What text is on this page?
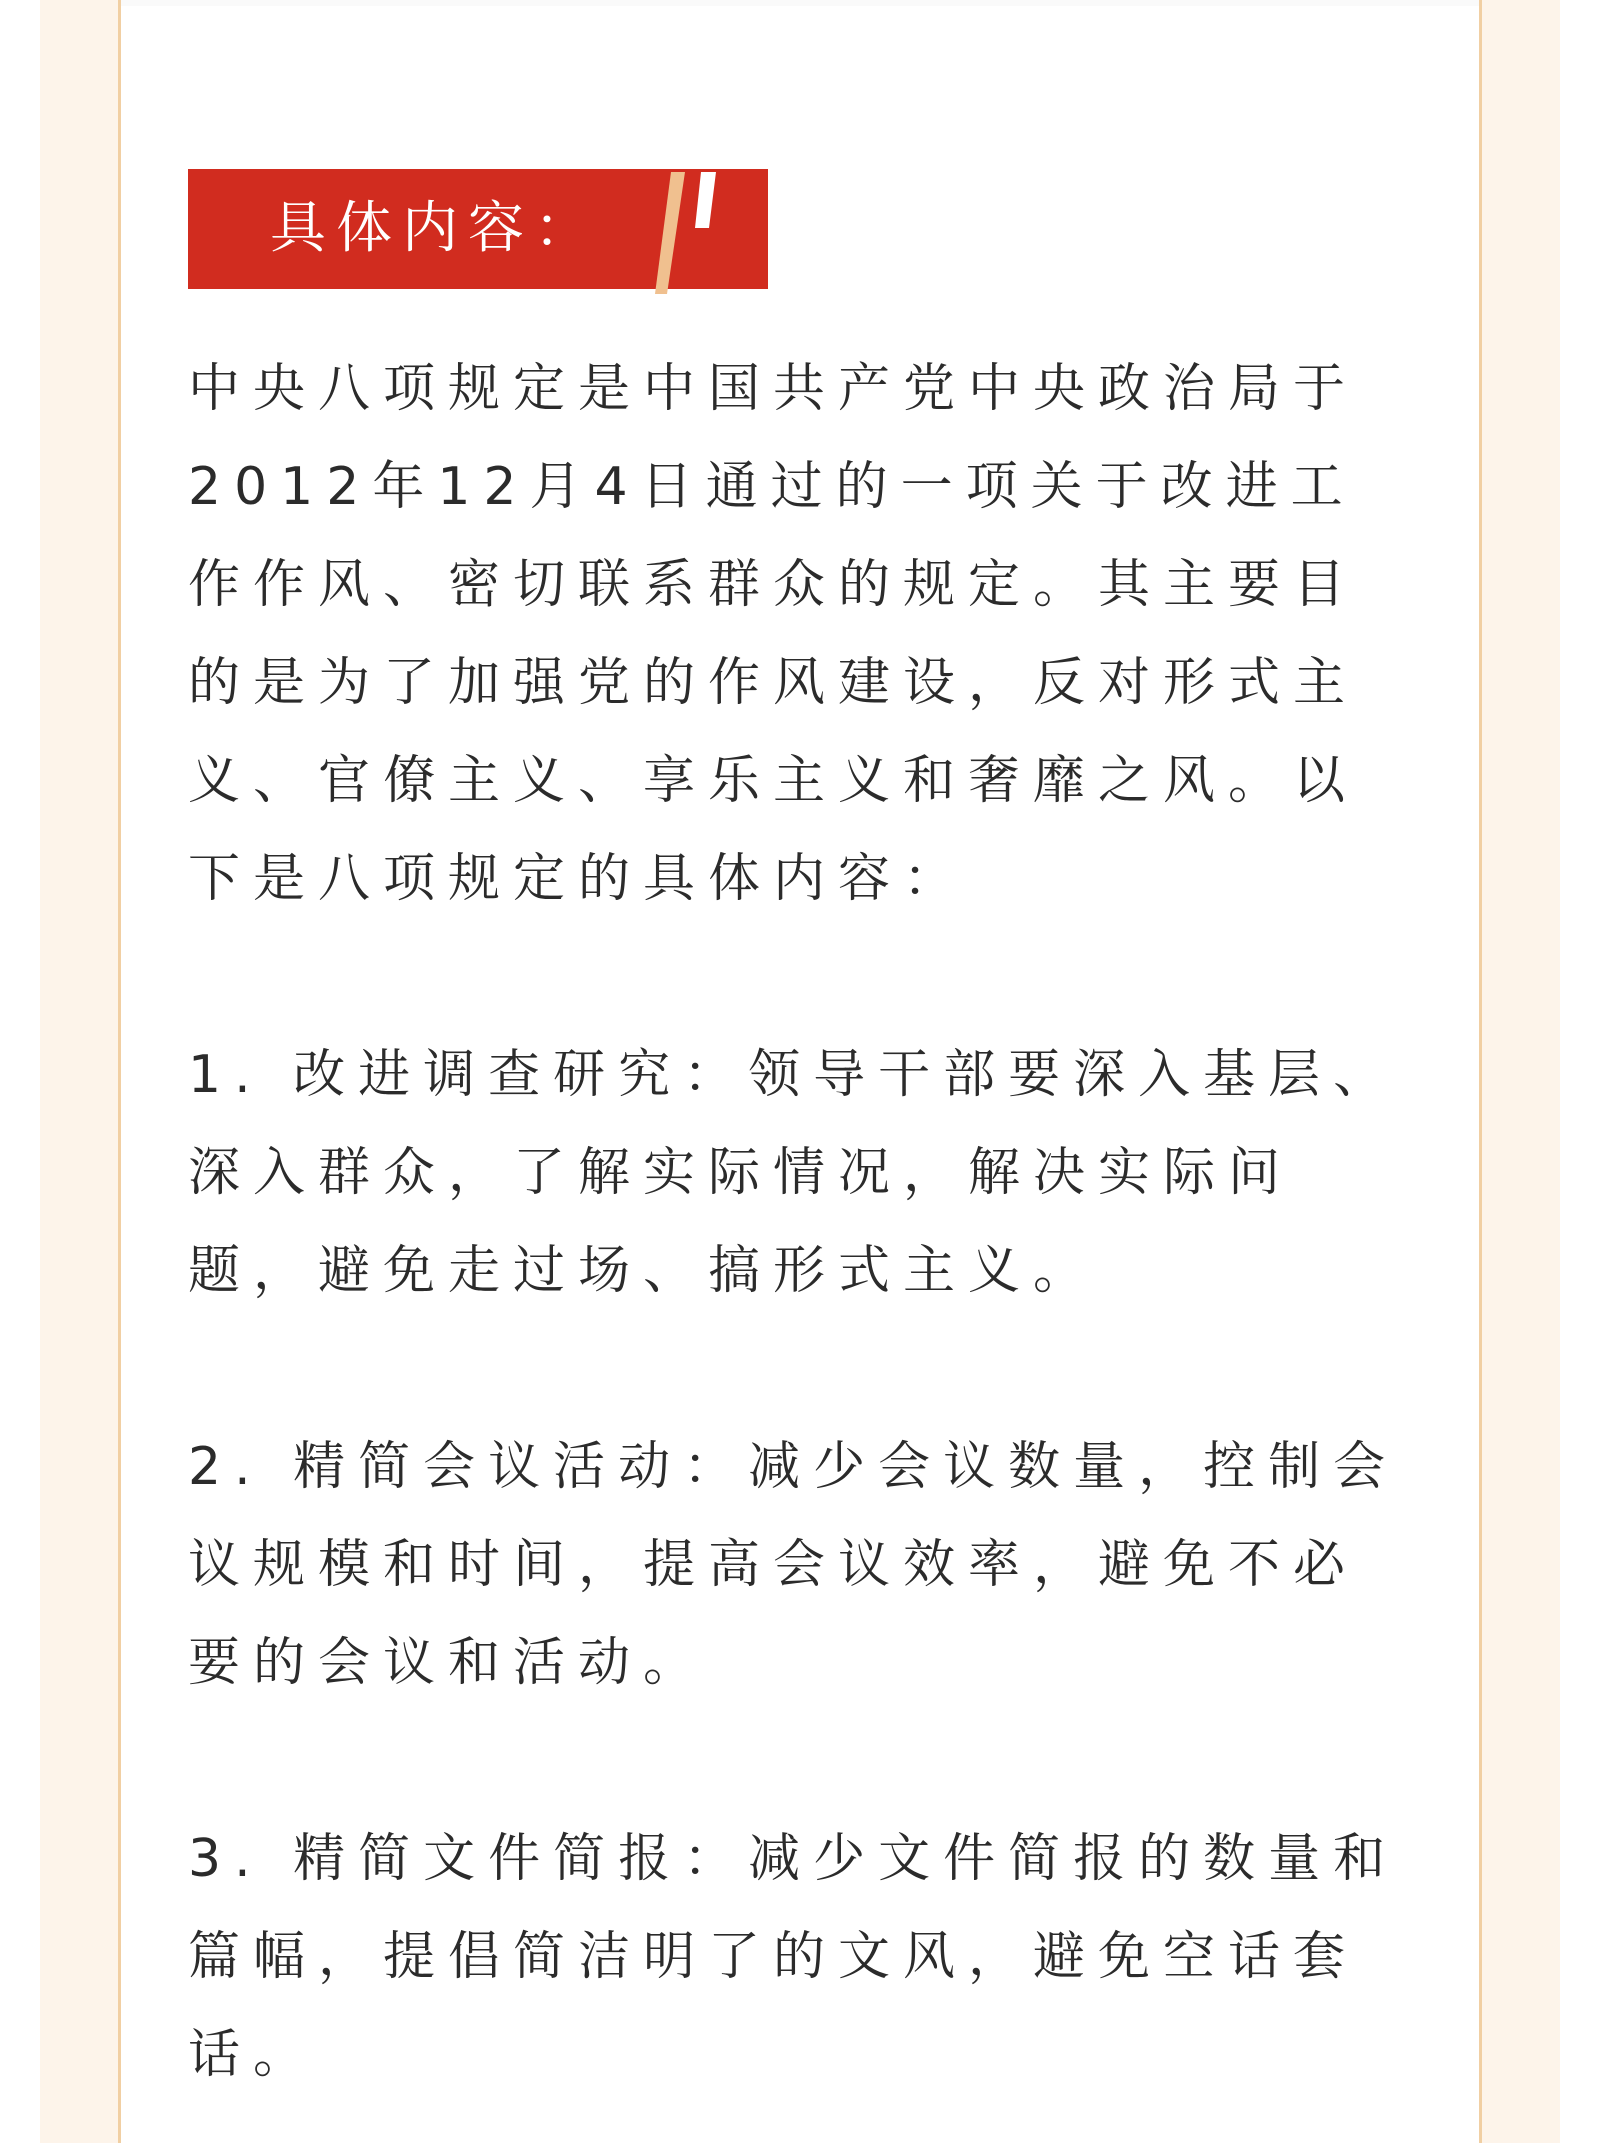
具体内容：

中央八项规定是中国共产党中央政治局于2012年12月4日通过的一项关于改进工作作风、密切联系群众的规定。其主要目的是为了加强党的作风建设，反对形式主义、官僚主义、享乐主义和奢靡之风。以下是八项规定的具体内容：

1. 改进调查研究：领导干部要深入基层、深入群众，了解实际情况，解决实际问题，避免走过场、搞形式主义。

2. 精简会议活动：减少会议数量，控制会议规模和时间，提高会议效率，避免不必要的会议和活动。

3. 精简文件简报：减少文件简报的数量和篇幅，提倡简洁明了的文风，避免空话套话。
